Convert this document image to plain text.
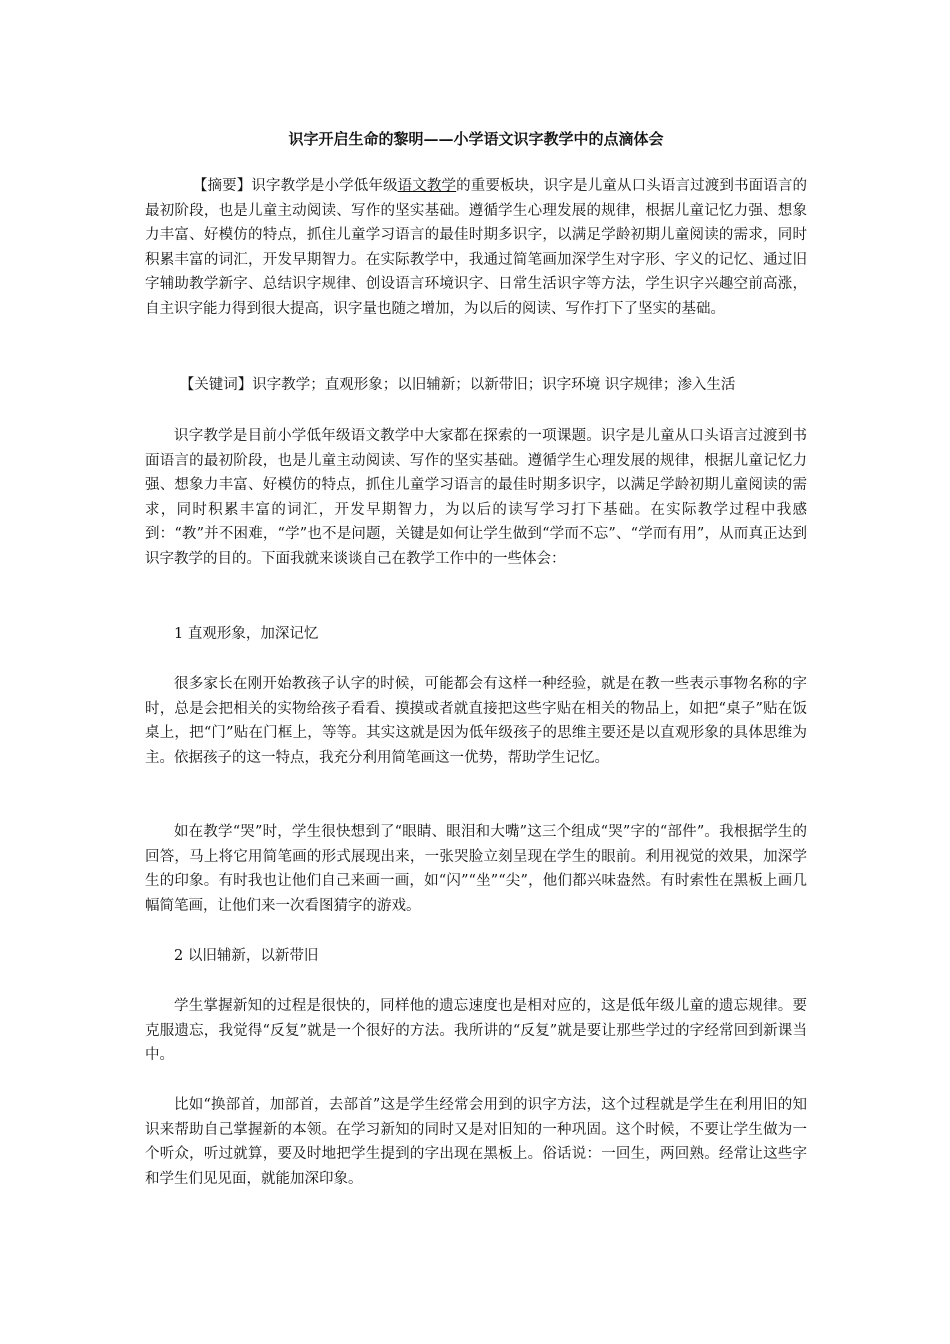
识字开启生命的黎明——小学语文识字教学中的点滴体会

【摘要】识字教学是小学低年级语文教学的重要板块，识字是儿童从口头语言过渡到书面语言的最初阶段，也是儿童主动阅读、写作的坚实基础。遵循学生心理发展的规律，根据儿童记忆力强、想象力丰富、好模仿的特点，抓住儿童学习语言的最佳时期多识字，以满足学龄初期儿童阅读的需求，同时积累丰富的词汇，开发早期智力。在实际教学中，我通过简笔画加深学生对字形、字义的记忆、通过旧字辅助教学新字、总结识字规律、创设语言环境识字、日常生活识字等方法，学生识字兴趣空前高涨，自主识字能力得到很大提高，识字量也随之增加，为以后的阅读、写作打下了坚实的基础。

【关键词】识字教学；直观形象；以旧辅新；以新带旧；识字环境 识字规律；渗入生活

识字教学是目前小学低年级语文教学中大家都在探索的一项课题。识字是儿童从口头语言过渡到书面语言的最初阶段，也是儿童主动阅读、写作的坚实基础。遵循学生心理发展的规律，根据儿童记忆力强、想象力丰富、好模仿的特点，抓住儿童学习语言的最佳时期多识字，以满足学龄初期儿童阅读的需求，同时积累丰富的词汇，开发早期智力，为以后的读写学习打下基础。在实际教学过程中我感到：“教”并不困难，“学”也不是问题，关键是如何让学生做到“学而不忘”、“学而有用”，从而真正达到识字教学的目的。下面我就来谈谈自己在教学工作中的一些体会：

1 直观形象，加深记忆

很多家长在刚开始教孩子认字的时候，可能都会有这样一种经验，就是在教一些表示事物名称的字时，总是会把相关的实物给孩子看看、摸摸或者就直接把这些字贴在相关的物品上，如把“桌子”贴在饭桌上，把“门”贴在门框上，等等。其实这就是因为低年级孩子的思维主要还是以直观形象的具体思维为主。依据孩子的这一特点，我充分利用简笔画这一优势，帮助学生记忆。

如在教学“哭”时，学生很快想到了“眼睛、眼泪和大嘴”这三个组成“哭”字的“部件”。我根据学生的回答，马上将它用简笔画的形式展现出来，一张哭脸立刻呈现在学生的眼前。利用视觉的效果，加深学生的印象。有时我也让他们自己来画一画，如“闪”“坐”“尖”，他们都兴味盎然。有时索性在黑板上画几幅简笔画，让他们来一次看图猜字的游戏。

2 以旧辅新，以新带旧

学生掌握新知的过程是很快的，同样他的遗忘速度也是相对应的，这是低年级儿童的遗忘规律。要克服遗忘，我觉得“反复”就是一个很好的方法。我所讲的“反复”就是要让那些学过的字经常回到新课当中。

比如“换部首，加部首，去部首”这是学生经常会用到的识字方法，这个过程就是学生在利用旧的知识来帮助自己掌握新的本领。在学习新知的同时又是对旧知的一种巩固。这个时候，不要让学生做为一个听众，听过就算，要及时地把学生提到的字出现在黑板上。俗话说：一回生，两回熟。经常让这些字和学生们见见面，就能加深印象。
